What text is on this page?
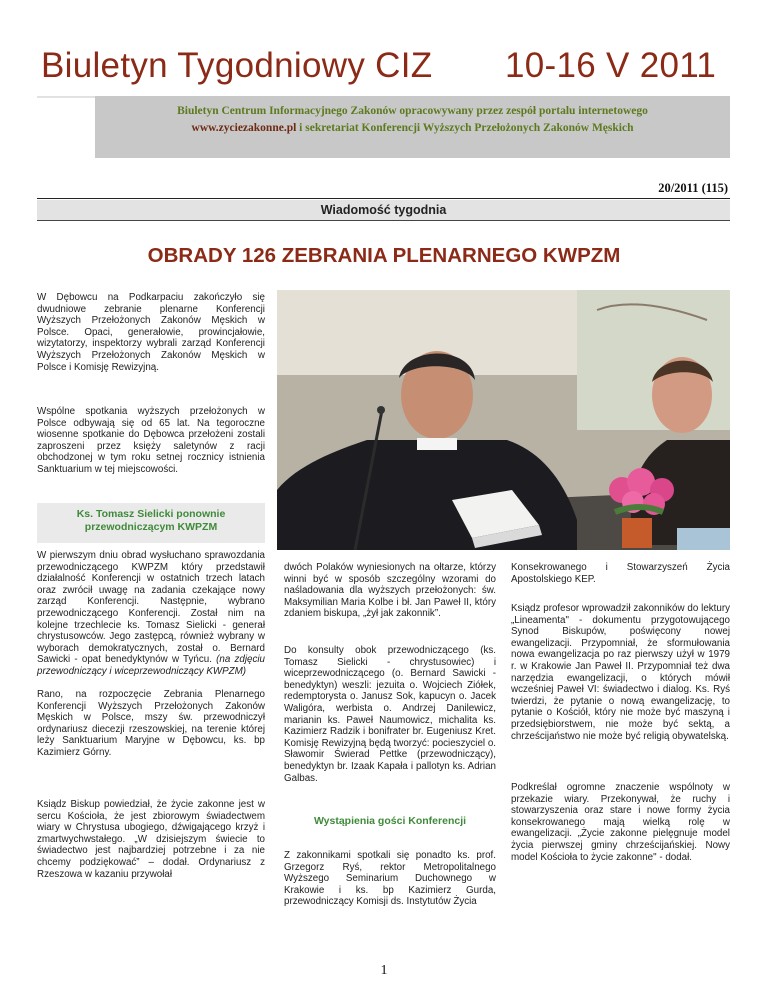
Biuletyn Tygodniowy CIZ 10-16 V 2011
Biuletyn Centrum Informacyjnego Zakonów opracowywany przez zespół portalu internetowego
www.zyciezakonne.pl i sekretariat Konferencji Wyższych Przełożonych Zakonów Męskich
20/2011 (115)
Wiadomość tygodnia
OBRADY 126 ZEBRANIA PLENARNEGO KWPZM
W Dębowcu na Podkarpaciu zakończyło się dwudniowe zebranie plenarne Konferencji Wyższych Przełożonych Zakonów Męskich w Polsce. Opaci, generałowie, prowincjałowie, wizytatorzy, inspektorzy wybrali zarząd Konferencji Wyższych Przełożonych Zakonów Męskich w Polsce i Komisję Rewizyjną.
Wspólne spotkania wyższych przełożonych w Polsce odbywają się od 65 lat. Na tegoroczne wiosenne spotkanie do Dębowca przełożeni zostali zaproszeni przez księży saletynów z racji obchodzonej w tym roku setnej rocznicy istnienia Sanktuarium w tej miejscowości.
Ks. Tomasz Sielicki ponownie przewodniczącym KWPZM
W pierwszym dniu obrad wysłuchano sprawozdania przewodniczącego KWPZM który przedstawił działalność Konferencji w ostatnich trzech latach oraz zwrócił uwagę na zadania czekające nowy zarząd Konferencji. Następnie, wybrano przewodniczącego Konferencji. Został nim na kolejne trzechlecie ks. Tomasz Sielicki - generał chrystusowców. Jego zastępcą, również wybrany w wyborach demokratycznych, został o. Bernard Sawicki - opat benedyktynów w Tyńcu. (na zdjęciu przewodniczący i wiceprzewodniczący KWPZM)
Rano, na rozpoczęcie Zebrania Plenarnego Konferencji Wyższych Przełożonych Zakonów Męskich w Polsce, mszy św. przewodniczył ordynariusz diecezji rzeszowskiej, na terenie której leży Sanktuarium Maryjne w Dębowcu, ks. bp Kazimierz Górny.
Ksiądz Biskup powiedział, że życie zakonne jest w sercu Kościoła, że jest zbiorowym świadectwem wiary w Chrystusa ubogiego, dźwigającego krzyż i zmartwychwstałego. „W dzisiejszym świecie to świadectwo jest najbardziej potrzebne i za nie chcemy podziękować” – dodał. Ordynariusz z Rzeszowa w kazaniu przywołał
dwóch Polaków wyniesionych na ołtarze, którzy winni być w sposób szczególny wzorami do naśladowania dla wyższych przełożonych: św. Maksymilian Maria Kolbe i bł. Jan Paweł II, który zdaniem biskupa, „żył jak zakonnik”.
Do konsulty obok przewodniczącego (ks. Tomasz Sielicki - chrystusowiec) i wiceprzewodniczącego (o. Bernard Sawicki - benedyktyn) weszli: jezuita o. Wojciech Ziółek, redemptorysta o. Janusz Sok, kapucyn o. Jacek Waligóra, werbista o. Andrzej Danilewicz, marianin ks. Paweł Naumowicz, michalita ks. Kazimierz Radzik i bonifrater br. Eugeniusz Kret. Komisję Rewizyjną będą tworzyć: pocieszyciel o. Sławomir Świerad Pettke (przewodniczący), benedyktyn br. Izaak Kapała i pallotyn ks. Adrian Galbas.
Wystąpienia gości Konferencji
Z zakonnikami spotkali się ponadto ks. prof. Grzegorz Ryś, rektor Metropolitalnego Wyższego Seminarium Duchownego w Krakowie i ks. bp Kazimierz Gurda, przewodniczący Komisji ds. Instytutów Życia
Konsekrowanego i Stowarzyszeń Życia Apostolskiego KEP.
Ksiądz profesor wprowadził zakonników do lektury „Lineamenta" - dokumentu przygotowującego Synod Biskupów, poświęcony nowej ewangelizacji. Przypomniał, że sformułowania nowa ewangelizacja po raz pierwszy użył w 1979 r. w Krakowie Jan Paweł II. Przypomniał też dwa narzędzia ewangelizacji, o których mówił wcześniej Paweł VI: świadectwo i dialog. Ks. Ryś twierdzi, że pytanie o nową ewangelizację, to pytanie o Kościół, który nie może być maszyną i przedsiębiorstwem, nie może być sektą, a chrześcijaństwo nie może być religią obywatelską.
Podkreślał ogromne znaczenie wspólnoty w przekazie wiary. Przekonywał, że ruchy i stowarzyszenia oraz stare i nowe formy życia konsekrowanego mają wielką rolę w ewangelizacji. „Życie zakonne pielęgnuje model życia pierwszej gminy chrześcijańskiej. Nowy model Kościoła to życie zakonne" - dodał.
1
